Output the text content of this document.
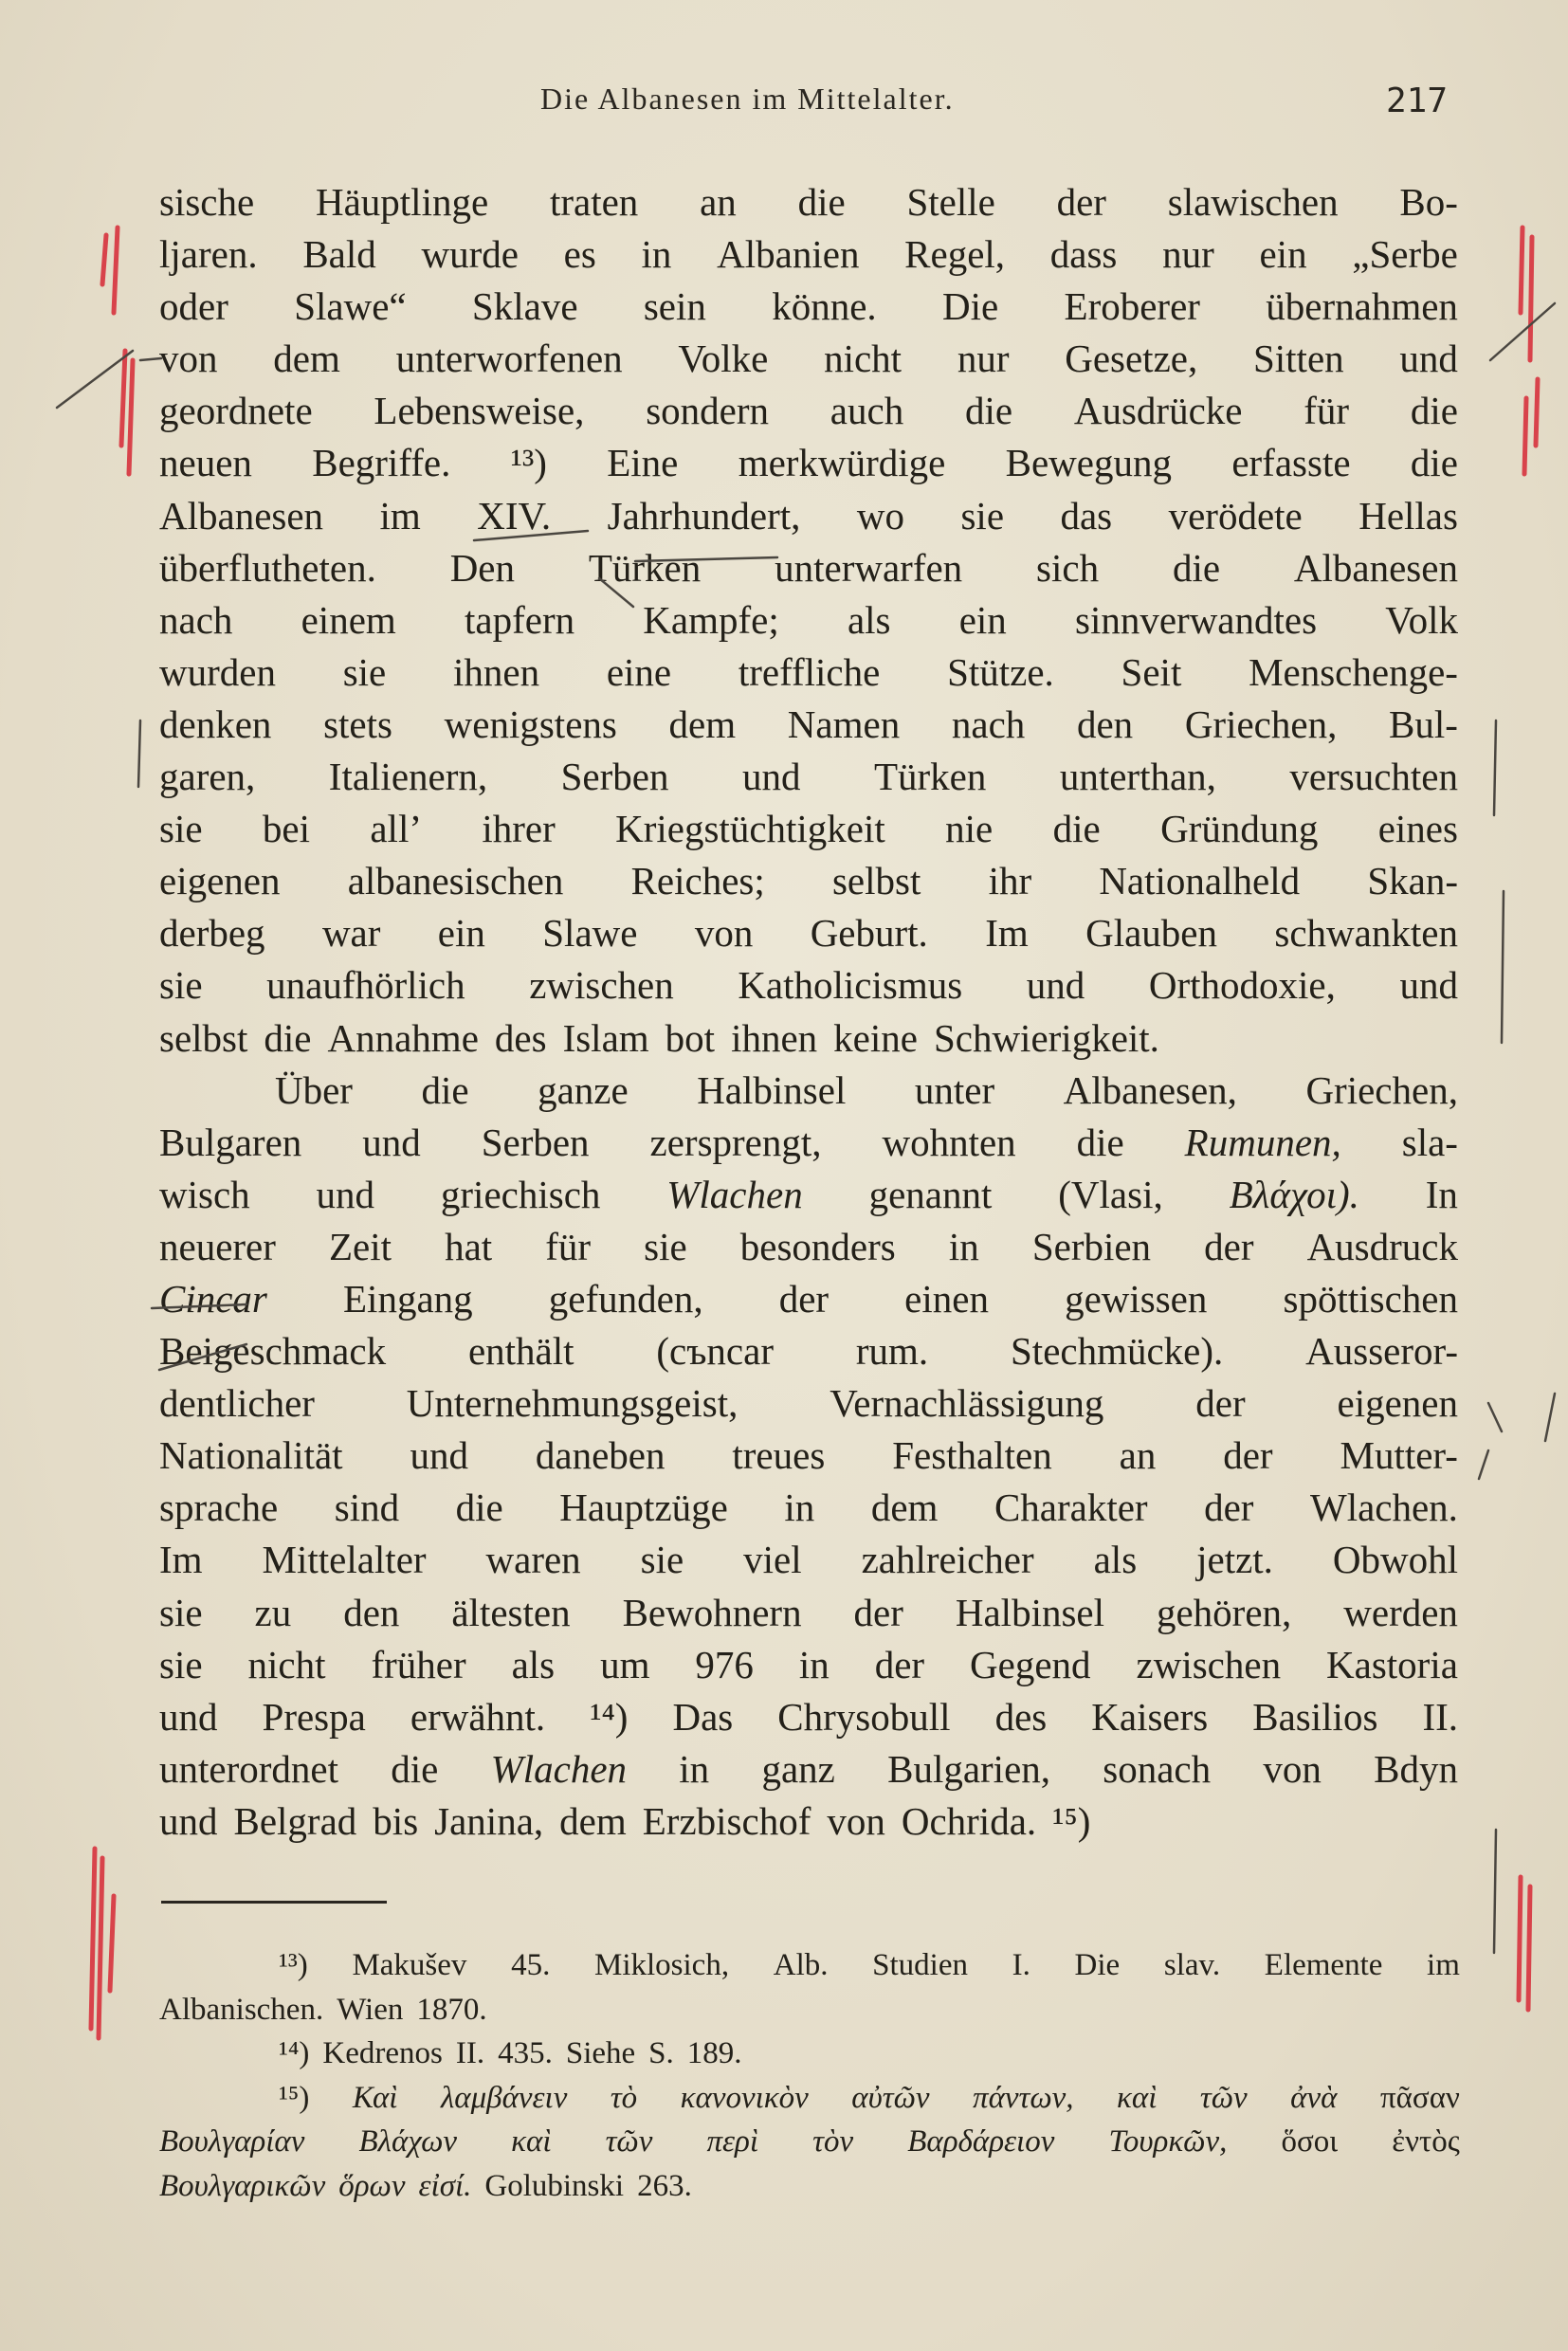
Die Albanesen im Mittelalter.	217
sische Häuptlinge traten an die Stelle der slawischen Bo-
ljaren. Bald wurde es in Albanien Regel, dass nur ein „Serbe
oder Slawe“ Sklave sein könne. Die Eroberer übernahmen
von dem unterworfenen Volke nicht nur Gesetze, Sitten und
geordnete Lebensweise, sondern auch die Ausdrücke für die
neuen Begriffe. ¹³) Eine merkwürdige Bewegung erfasste die
Albanesen im XIV. Jahrhundert, wo sie das verödete Hellas
überflutheten. Den Türken unterwarfen sich die Albanesen
nach einem tapfern Kampfe; als ein sinnverwandtes Volk
wurden sie ihnen eine treffliche Stütze. Seit Menschenge-
denken stets wenigstens dem Namen nach den Griechen, Bul-
garen, Italienern, Serben und Türken unterthan, versuchten
sie bei all’ ihrer Kriegstüchtigkeit nie die Gründung eines
eigenen albanesischen Reiches; selbst ihr Nationalheld Skan-
derbeg war ein Slawe von Geburt. Im Glauben schwankten
sie unaufhörlich zwischen Katholicismus und Orthodoxie, und
selbst die Annahme des Islam bot ihnen keine Schwierigkeit.
Über die ganze Halbinsel unter Albanesen, Griechen,
Bulgaren und Serben zersprengt, wohnten die Rumunen, sla-
wisch und griechisch Wlachen genannt (Vlasi, Βλάχοι). In
neuerer Zeit hat für sie besonders in Serbien der Ausdruck
Cincar Eingang gefunden, der einen gewissen spöttischen
Beigeschmack enthält (cъncar rum. Stechmücke). Ausseror-
dentlicher Unternehmungsgeist, Vernachlässigung der eigenen
Nationalität und daneben treues Festhalten an der Mutter-
sprache sind die Hauptzüge in dem Charakter der Wlachen.
Im Mittelalter waren sie viel zahlreicher als jetzt. Obwohl
sie zu den ältesten Bewohnern der Halbinsel gehören, werden
sie nicht früher als um 976 in der Gegend zwischen Kastoria
und Prespa erwähnt. ¹⁴) Das Chrysobull des Kaisers Basilios II.
unterordnet die Wlachen in ganz Bulgarien, sonach von Bdyn
und Belgrad bis Janina, dem Erzbischof von Ochrida. ¹⁵)
¹³) Makušev 45. Miklosich, Alb. Studien I. Die slav. Elemente im
Albanischen. Wien 1870.
¹⁴) Kedrenos II. 435. Siehe S. 189.
¹⁵) Καὶ λαμβάνειν τὸ κανονικὸν αὐτῶν πάντων, καὶ τῶν ἀνὰ πᾶσαν
Βουλγαρίαν Βλάχων καὶ τῶν περὶ τὸν Βαρδάρειον Τουρκῶν, ὅσοι ἐντὸς
Βουλγαρικῶν ὅρων εἰσί. Golubinski 263.
